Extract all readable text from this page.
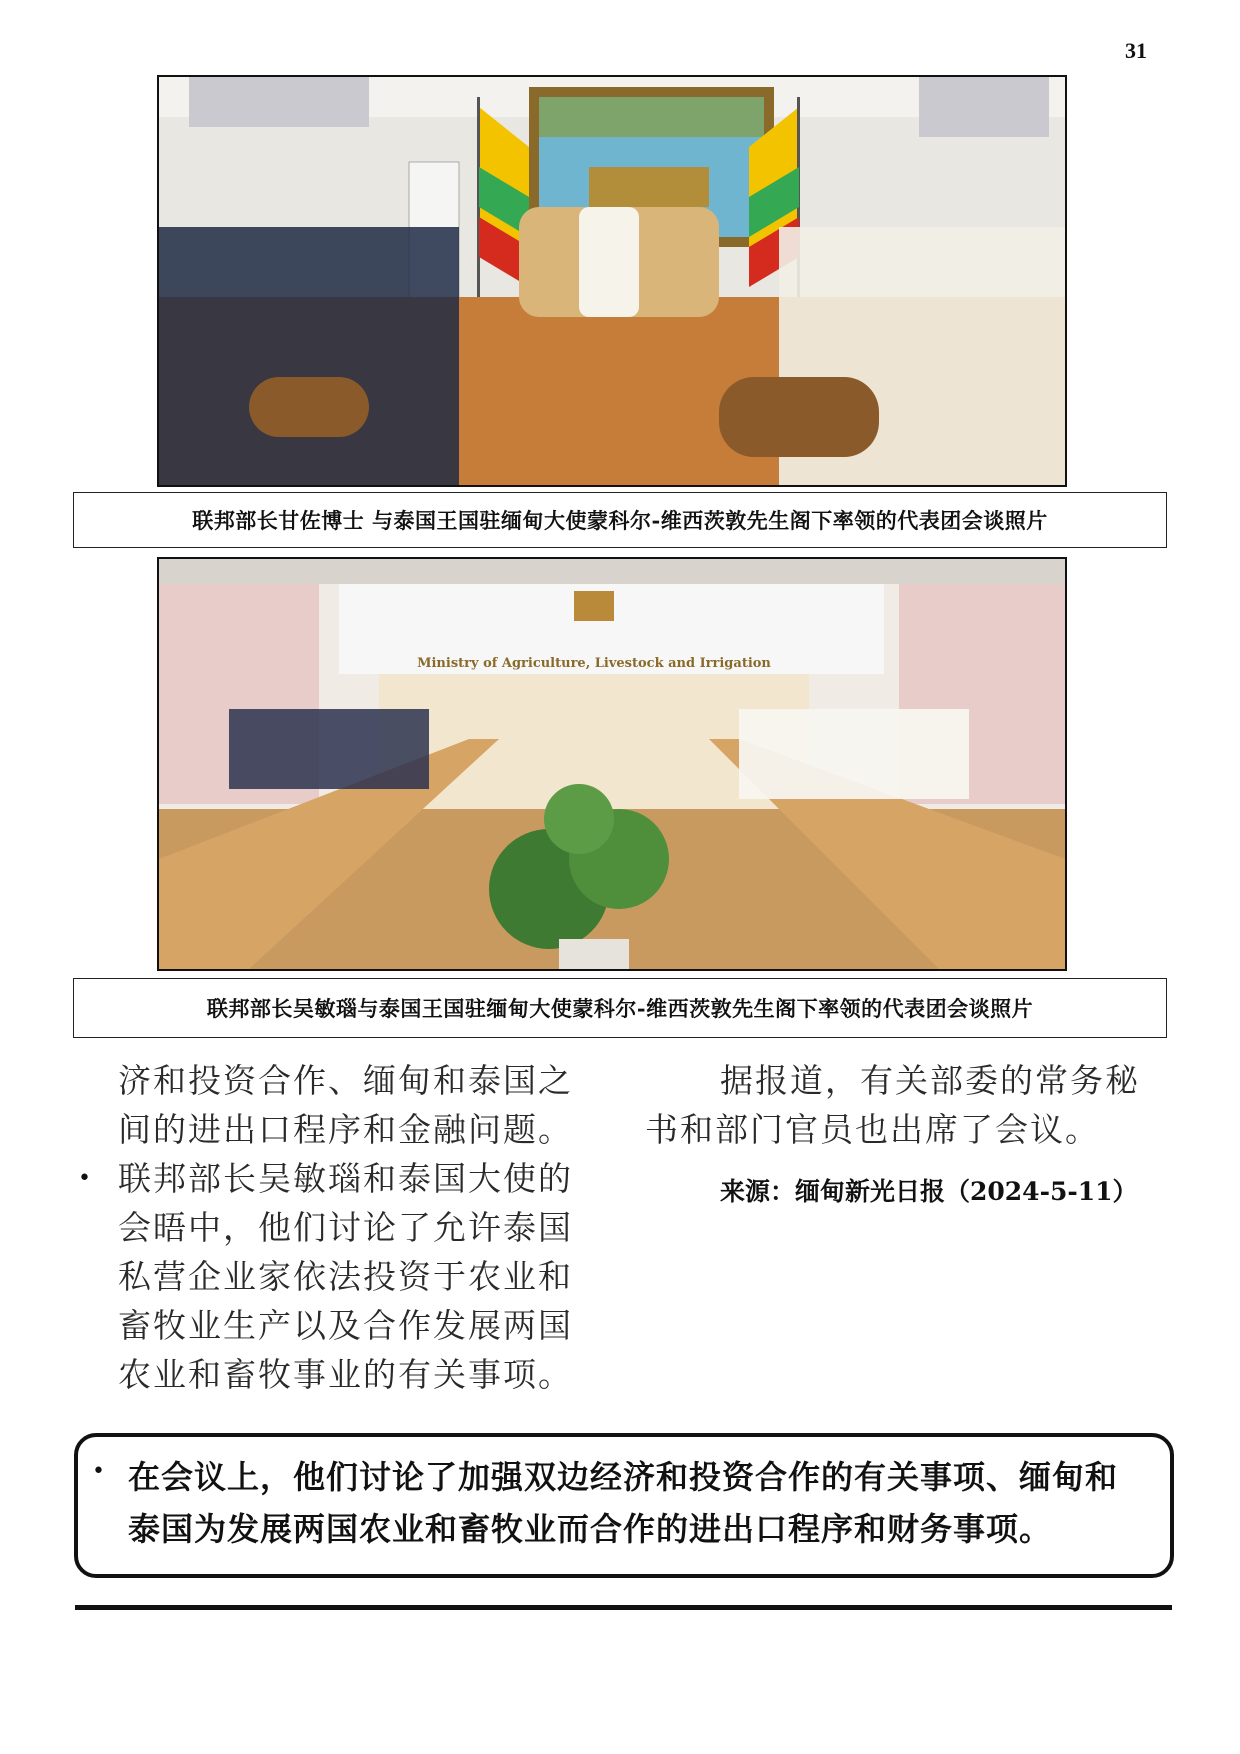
31
联邦部长甘佐博士 与泰国王国驻缅甸大使蒙科尔-维西茨敦先生阁下率领的代表团会谈照片
Ministry of Agriculture, Livestock and Irrigation
联邦部长吴敏瑙与泰国王国驻缅甸大使蒙科尔-维西茨敦先生阁下率领的代表团会谈照片

济和投资合作、缅甸和泰国之间的进出口程序和金融问题。

• 联邦部长吴敏瑙和泰国大使的会晤中，他们讨论了允许泰国私营企业家依法投资于农业和畜牧业生产以及合作发展两国农业和畜牧事业的有关事项。

据报道，有关部委的常务秘书和部门官员也出席了会议。

来源：缅甸新光日报（2024-5-11）
• 在会议上，他们讨论了加强双边经济和投资合作的有关事项、缅甸和泰国为发展两国农业和畜牧业而合作的进出口程序和财务事项。
